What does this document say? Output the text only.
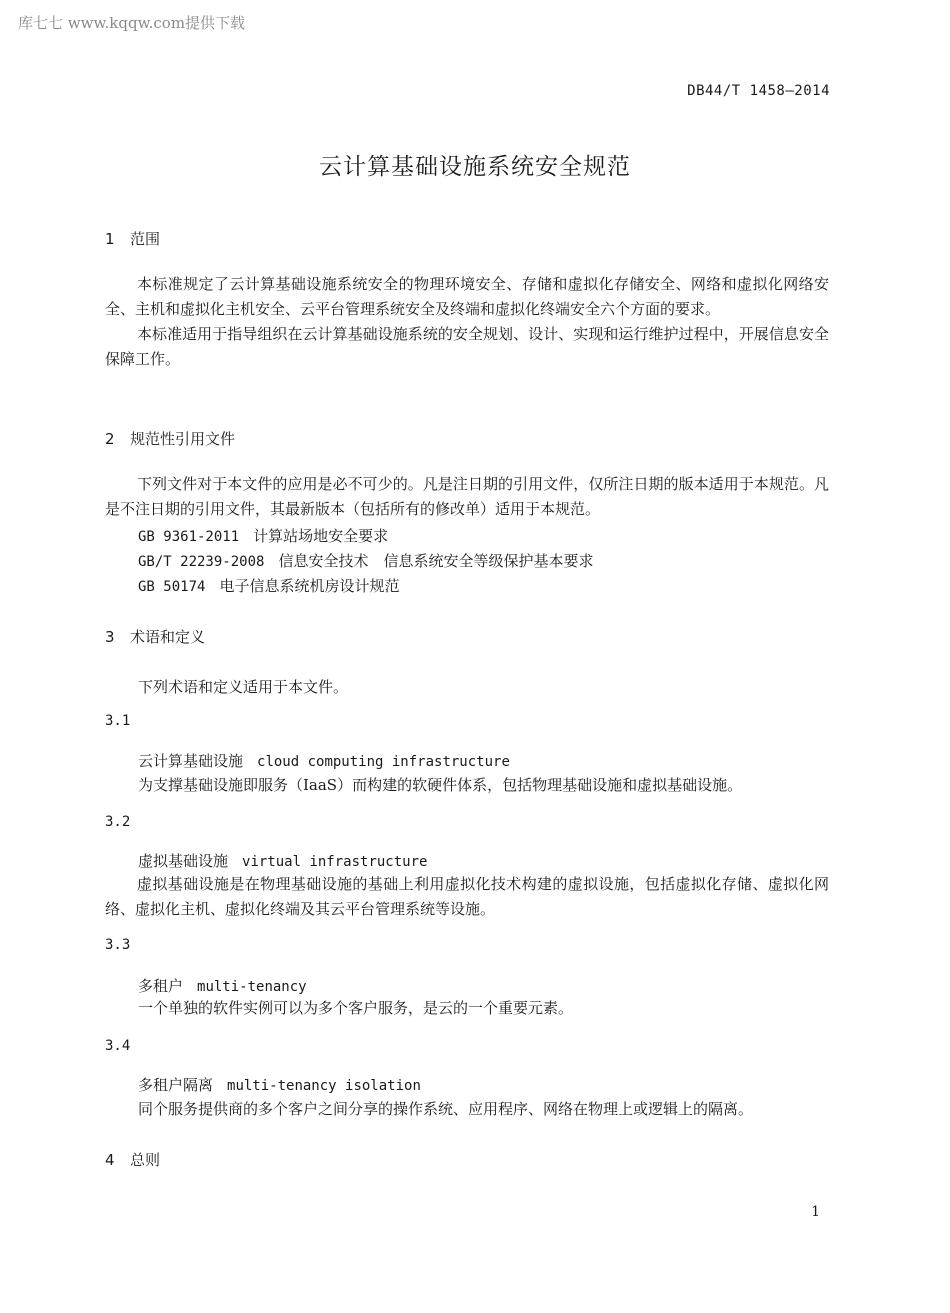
库七七 www.kqqw.com提供下载
DB44/T 1458—2014
云计算基础设施系统安全规范
1 范围

本标准规定了云计算基础设施系统安全的物理环境安全、存储和虚拟化存储安全、网络和虚拟化网络安全、主机和虚拟化主机安全、云平台管理系统安全及终端和虚拟化终端安全六个方面的要求。

本标准适用于指导组织在云计算基础设施系统的安全规划、设计、实现和运行维护过程中，开展信息安全保障工作。

2 规范性引用文件

下列文件对于本文件的应用是必不可少的。凡是注日期的引用文件，仅所注日期的版本适用于本规范。凡是不注日期的引用文件，其最新版本（包括所有的修改单）适用于本规范。

GB 9361-2011 计算站场地安全要求
GB/T 22239-2008 信息安全技术　信息系统安全等级保护基本要求
GB 50174 电子信息系统机房设计规范
3 术语和定义
下列术语和定义适用于本文件。
3.1
云计算基础设施 cloud computing infrastructure
为支撑基础设施即服务（IaaS）而构建的软硬件体系，包括物理基础设施和虚拟基础设施。
3.2
虚拟基础设施 virtual infrastructure

虚拟基础设施是在物理基础设施的基础上利用虚拟化技术构建的虚拟设施，包括虚拟化存储、虚拟化网络、虚拟化主机、虚拟化终端及其云平台管理系统等设施。

3.3
多租户 multi-tenancy
一个单独的软件实例可以为多个客户服务，是云的一个重要元素。
3.4
多租户隔离 multi-tenancy isolation
同个服务提供商的多个客户之间分享的操作系统、应用程序、网络在物理上或逻辑上的隔离。
4 总则
1
